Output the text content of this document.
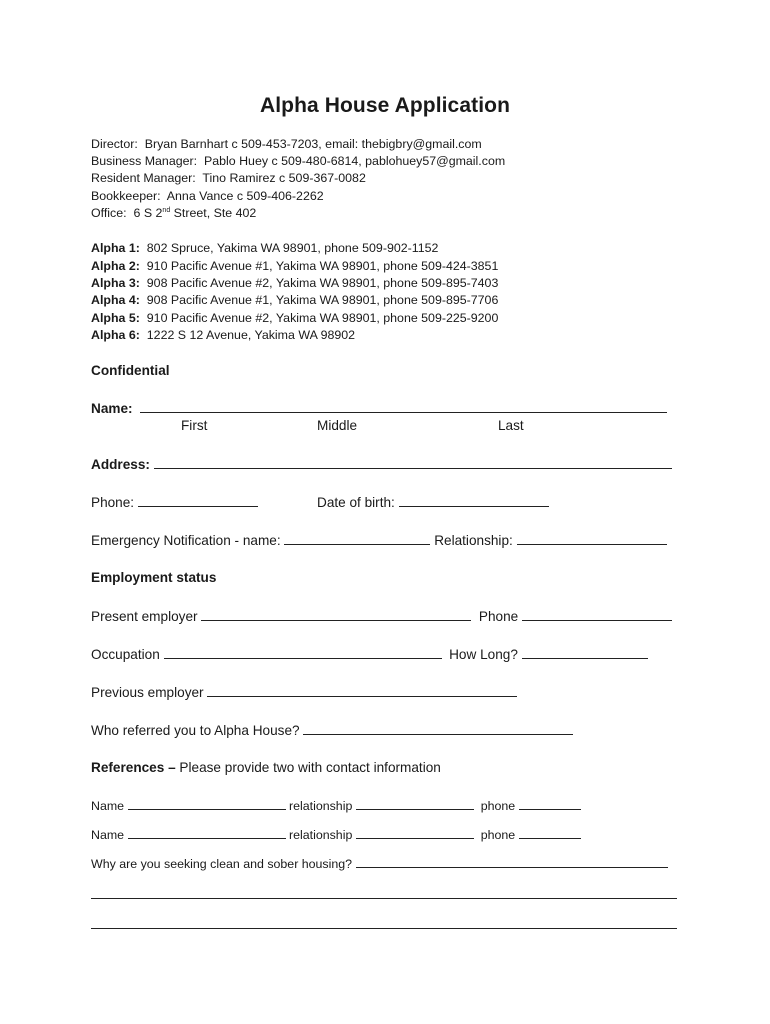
Alpha House Application
Director: Bryan Barnhart c 509-453-7203, email: thebigbry@gmail.com
Business Manager: Pablo Huey c 509-480-6814, pablohuey57@gmail.com
Resident Manager: Tino Ramirez c 509-367-0082
Bookkeeper: Anna Vance c 509-406-2262
Office: 6 S 2nd Street, Ste 402
Alpha 1: 802 Spruce, Yakima WA 98901, phone 509-902-1152
Alpha 2: 910 Pacific Avenue #1, Yakima WA 98901, phone 509-424-3851
Alpha 3: 908 Pacific Avenue #2, Yakima WA 98901, phone 509-895-7403
Alpha 4: 908 Pacific Avenue #1, Yakima WA 98901, phone 509-895-7706
Alpha 5: 910 Pacific Avenue #2, Yakima WA 98901, phone 509-225-9200
Alpha 6: 1222 S 12 Avenue, Yakima WA 98902
Confidential
Name:
First	Middle	Last
Address:
Phone:	Date of birth:
Emergency Notification - name:	Relationship:
Employment status
Present employer	Phone
Occupation	How Long?
Previous employer
Who referred you to Alpha House?
References – Please provide two with contact information
Name	relationship	phone
Name	relationship	phone
Why are you seeking clean and sober housing?
